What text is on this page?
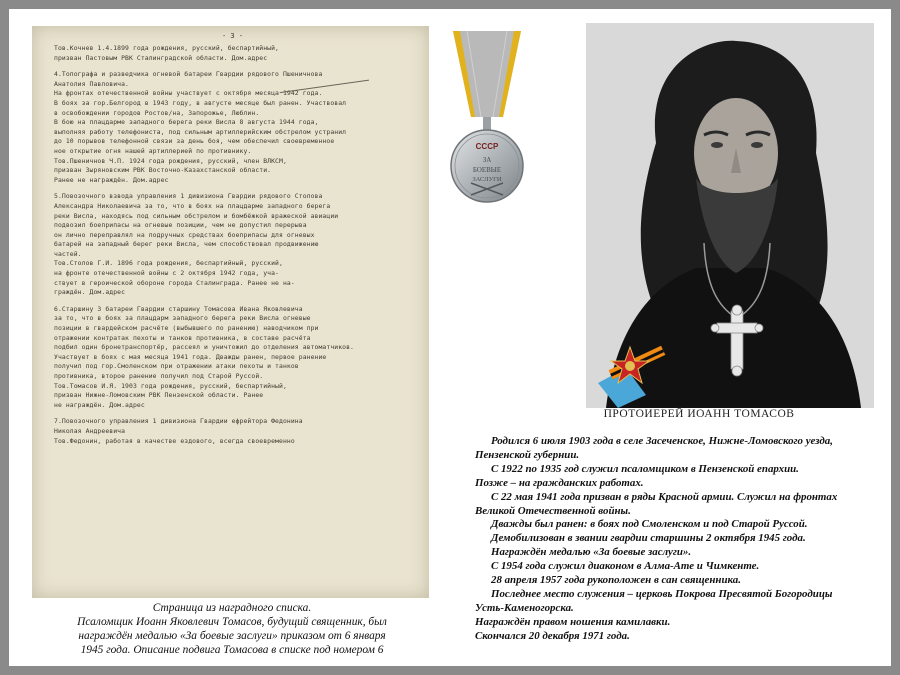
- 3 -
Тов.Кочнев 1.4.1899 года рождения, русский, беспартийный,
призван Пастовым РВК Сталинградской области. Дом.адрес
4.Топографа и разведчика огневой батареи Гвардии рядового Пшеничнова
Анатолия Павловича.
На фронтах отечественной войны участвует с октября месяца 1942 года.
В боях за гор.Белгород в 1943 году, в августе месяце был ранен. Участвовал
в освобождении городов Ростов/на, Запорожье, Люблин.
В бою на плацдарме западного берега реки Висла 8 августа 1944 года,
выполняя работу телефониста, под сильным артиллерийским обстрелом устранил
до 10 порывов телефонной связи за день боя, чем обеспечил своевременное
ное открытие огня нашей артиллерией по противнику.
Тов.Пшеничнов Ч.П. 1924 года рождения, русский, член ВЛКСМ,
призван Зыряновским РВК Восточно-Казахстанской области.
Ранее не награждён. Дом.адрес
5.Повозочного взвода управления 1 дивизиона Гвардии рядового Столова
Александра Николаевича за то, что в боях на плацдарме западного берега
реки Висла, находясь под сильным обстрелом и бомбёжкой вражеской авиации
подвозил боеприпасы на огневые позиции, чем не допустил перерыва
он лично переправлял на подручных средствах боеприпасы для огневых
батарей на западный берег реки Висла, чем способствовал продвижению
частей.
Тов.Столов Г.И. 1896 года рождения, беспартийный, русский,
на фронте отечественной войны с 2 октября 1942 года, уча-
ствует в героической обороне города Сталинграда. Ранее не на-
граждён. Дом.адрес
6.Старшину 3 батареи Гвардии старшину Томасова Ивана Яковлевича
за то, что в боях за плацдарм западного берега реки Висла огневые
позиции в гвардейском расчёте (выбывшего по ранению) наводчиком при
отражении контратак пехоты и танков противника, в составе расчёта
подбил один бронетранспортёр, рассеял и уничтожил до отделения автоматчиков.
Участвует в боях с мая месяца 1941 года. Дважды ранен, первое ранение
получил под гор.Смоленском при отражении атаки пехоты и танков
противника, второе ранение получил под Старой Руссой.
Тов.Томасов И.Я. 1903 года рождения, русский, беспартийный,
призван Нижне-Ломовским РВК Пензенской области. Ранее
не награждён. Дом.адрес
7.Повозочного управления 1 дивизиона Гвардии ефрейтора Федонина
Николая Андреевича
Тов.Федонин, работая в качестве ездового, всегда своевременно
Страница из наградного списка.
Псаломщик Иоанн Яковлевич Томасов, будущий священник, был
награждён медалью «За боевые заслуги» приказом от 6 января
1945 года. Описание подвига Томасова в списке под номером 6
СССР
ЗА
БОЕВЫЕ
ЗАСЛУГИ
ПРОТОИЕРЕЙ ИОАНН ТОМАСОВ

Родился 6 июля 1903 года в селе Засеченское, Нижне-Ломовского уезда,

Пензенской губернии.

С 1922 по 1935 год служил псаломщиком в Пензенской епархии.

Позже – на гражданских работах.

С 22 мая 1941 года призван в ряды Красной армии. Служил на фронтах

Великой Отечественной войны.

Дважды был ранен: в боях под Смоленском и под Старой Руссой.

Демобилизован в звании гвардии старшины 2 октября 1945 года.

Награждён медалью «За боевые заслуги».

С 1954 года служил диаконом в Алма-Ате и Чимкенте.

28 апреля 1957 года рукоположен в сан священника.

Последнее место служения – церковь Покрова Пресвятой Богородицы

Усть-Каменогорска.

Награждён правом ношения камилавки.

Скончался 20 декабря 1971 года.
